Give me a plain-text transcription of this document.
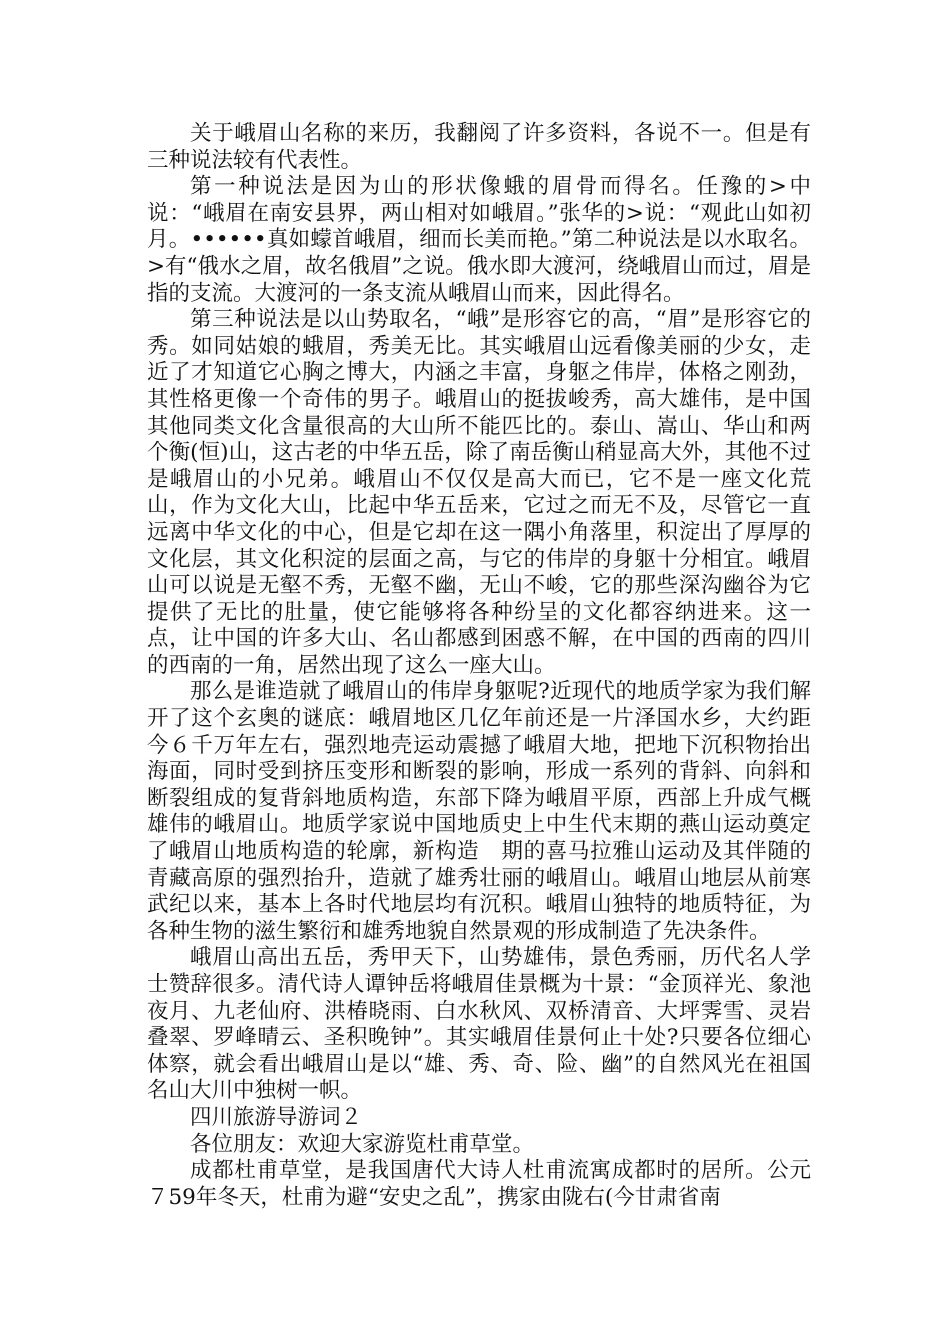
关于峨眉山名称的来历，我翻阅了许多资料，各说不一。但是有三种说法较有代表性。

第一种说法是因为山的形状像蛾的眉骨而得名。任豫的>中说：“峨眉在南安县界，两山相对如峨眉。”张华的>说：“观此山如初月。••••••真如蠓首峨眉，细而长美而艳。”第二种说法是以水取名。>有“俄水之眉，故名俄眉”之说。俄水即大渡河，绕峨眉山而过，眉是指的支流。大渡河的一条支流从峨眉山而来，因此得名。

第三种说法是以山势取名，“峨”是形容它的高，“眉”是形容它的秀。如同姑娘的蛾眉，秀美无比。其实峨眉山远看像美丽的少女，走近了才知道它心胸之博大，内涵之丰富，身躯之伟岸，体格之刚劲，其性格更像一个奇伟的男子。峨眉山的挺拔峻秀，高大雄伟，是中国其他同类文化含量很高的大山所不能匹比的。泰山、嵩山、华山和两个衡(恒)山，这古老的中华五岳，除了南岳衡山稍显高大外，其他不过是峨眉山的小兄弟。峨眉山不仅仅是高大而已，它不是一座文化荒山，作为文化大山，比起中华五岳来，它过之而无不及，尽管它一直远离中华文化的中心，但是它却在这一隅小角落里，积淀出了厚厚的文化层，其文化积淀的层面之高，与它的伟岸的身躯十分相宜。峨眉山可以说是无壑不秀，无壑不幽，无山不峻，它的那些深沟幽谷为它提供了无比的肚量，使它能够将各种纷呈的文化都容纳进来。这一点，让中国的许多大山、名山都感到困惑不解，在中国的西南的四川的西南的一角，居然出现了这么一座大山。

那么是谁造就了峨眉山的伟岸身躯呢?近现代的地质学家为我们解开了这个玄奥的谜底：峨眉地区几亿年前还是一片泽国水乡，大约距今６千万年左右，强烈地壳运动震撼了峨眉大地，把地下沉积物抬出海面，同时受到挤压变形和断裂的影响，形成一系列的背斜、向斜和断裂组成的复背斜地质构造，东部下降为峨眉平原，西部上升成气概雄伟的峨眉山。地质学家说中国地质史上中生代末期的燕山运动奠定了峨眉山地质构造的轮廓，新构造　期的喜马拉雅山运动及其伴随的青藏高原的强烈抬升，造就了雄秀壮丽的峨眉山。峨眉山地层从前寒武纪以来，基本上各时代地层均有沉积。峨眉山独特的地质特征，为各种生物的滋生繁衍和雄秀地貌自然景观的形成制造了先决条件。

峨眉山高出五岳，秀甲天下，山势雄伟，景色秀丽，历代名人学士赞辞很多。清代诗人谭钟岳将峨眉佳景概为十景：“金顶祥光、象池夜月、九老仙府、洪椿晓雨、白水秋风、双桥清音、大坪霁雪、灵岩叠翠、罗峰晴云、圣积晚钟”。其实峨眉佳景何止十处?只要各位细心体察，就会看出峨眉山是以“雄、秀、奇、险、幽”的自然风光在祖国名山大川中独树一帜。

四川旅游导游词２

各位朋友：欢迎大家游览杜甫草堂。

成都杜甫草堂，是我国唐代大诗人杜甫流寓成都时的居所。公元７59年冬天，杜甫为避“安史之乱”，携家由陇右(今甘肃省南
